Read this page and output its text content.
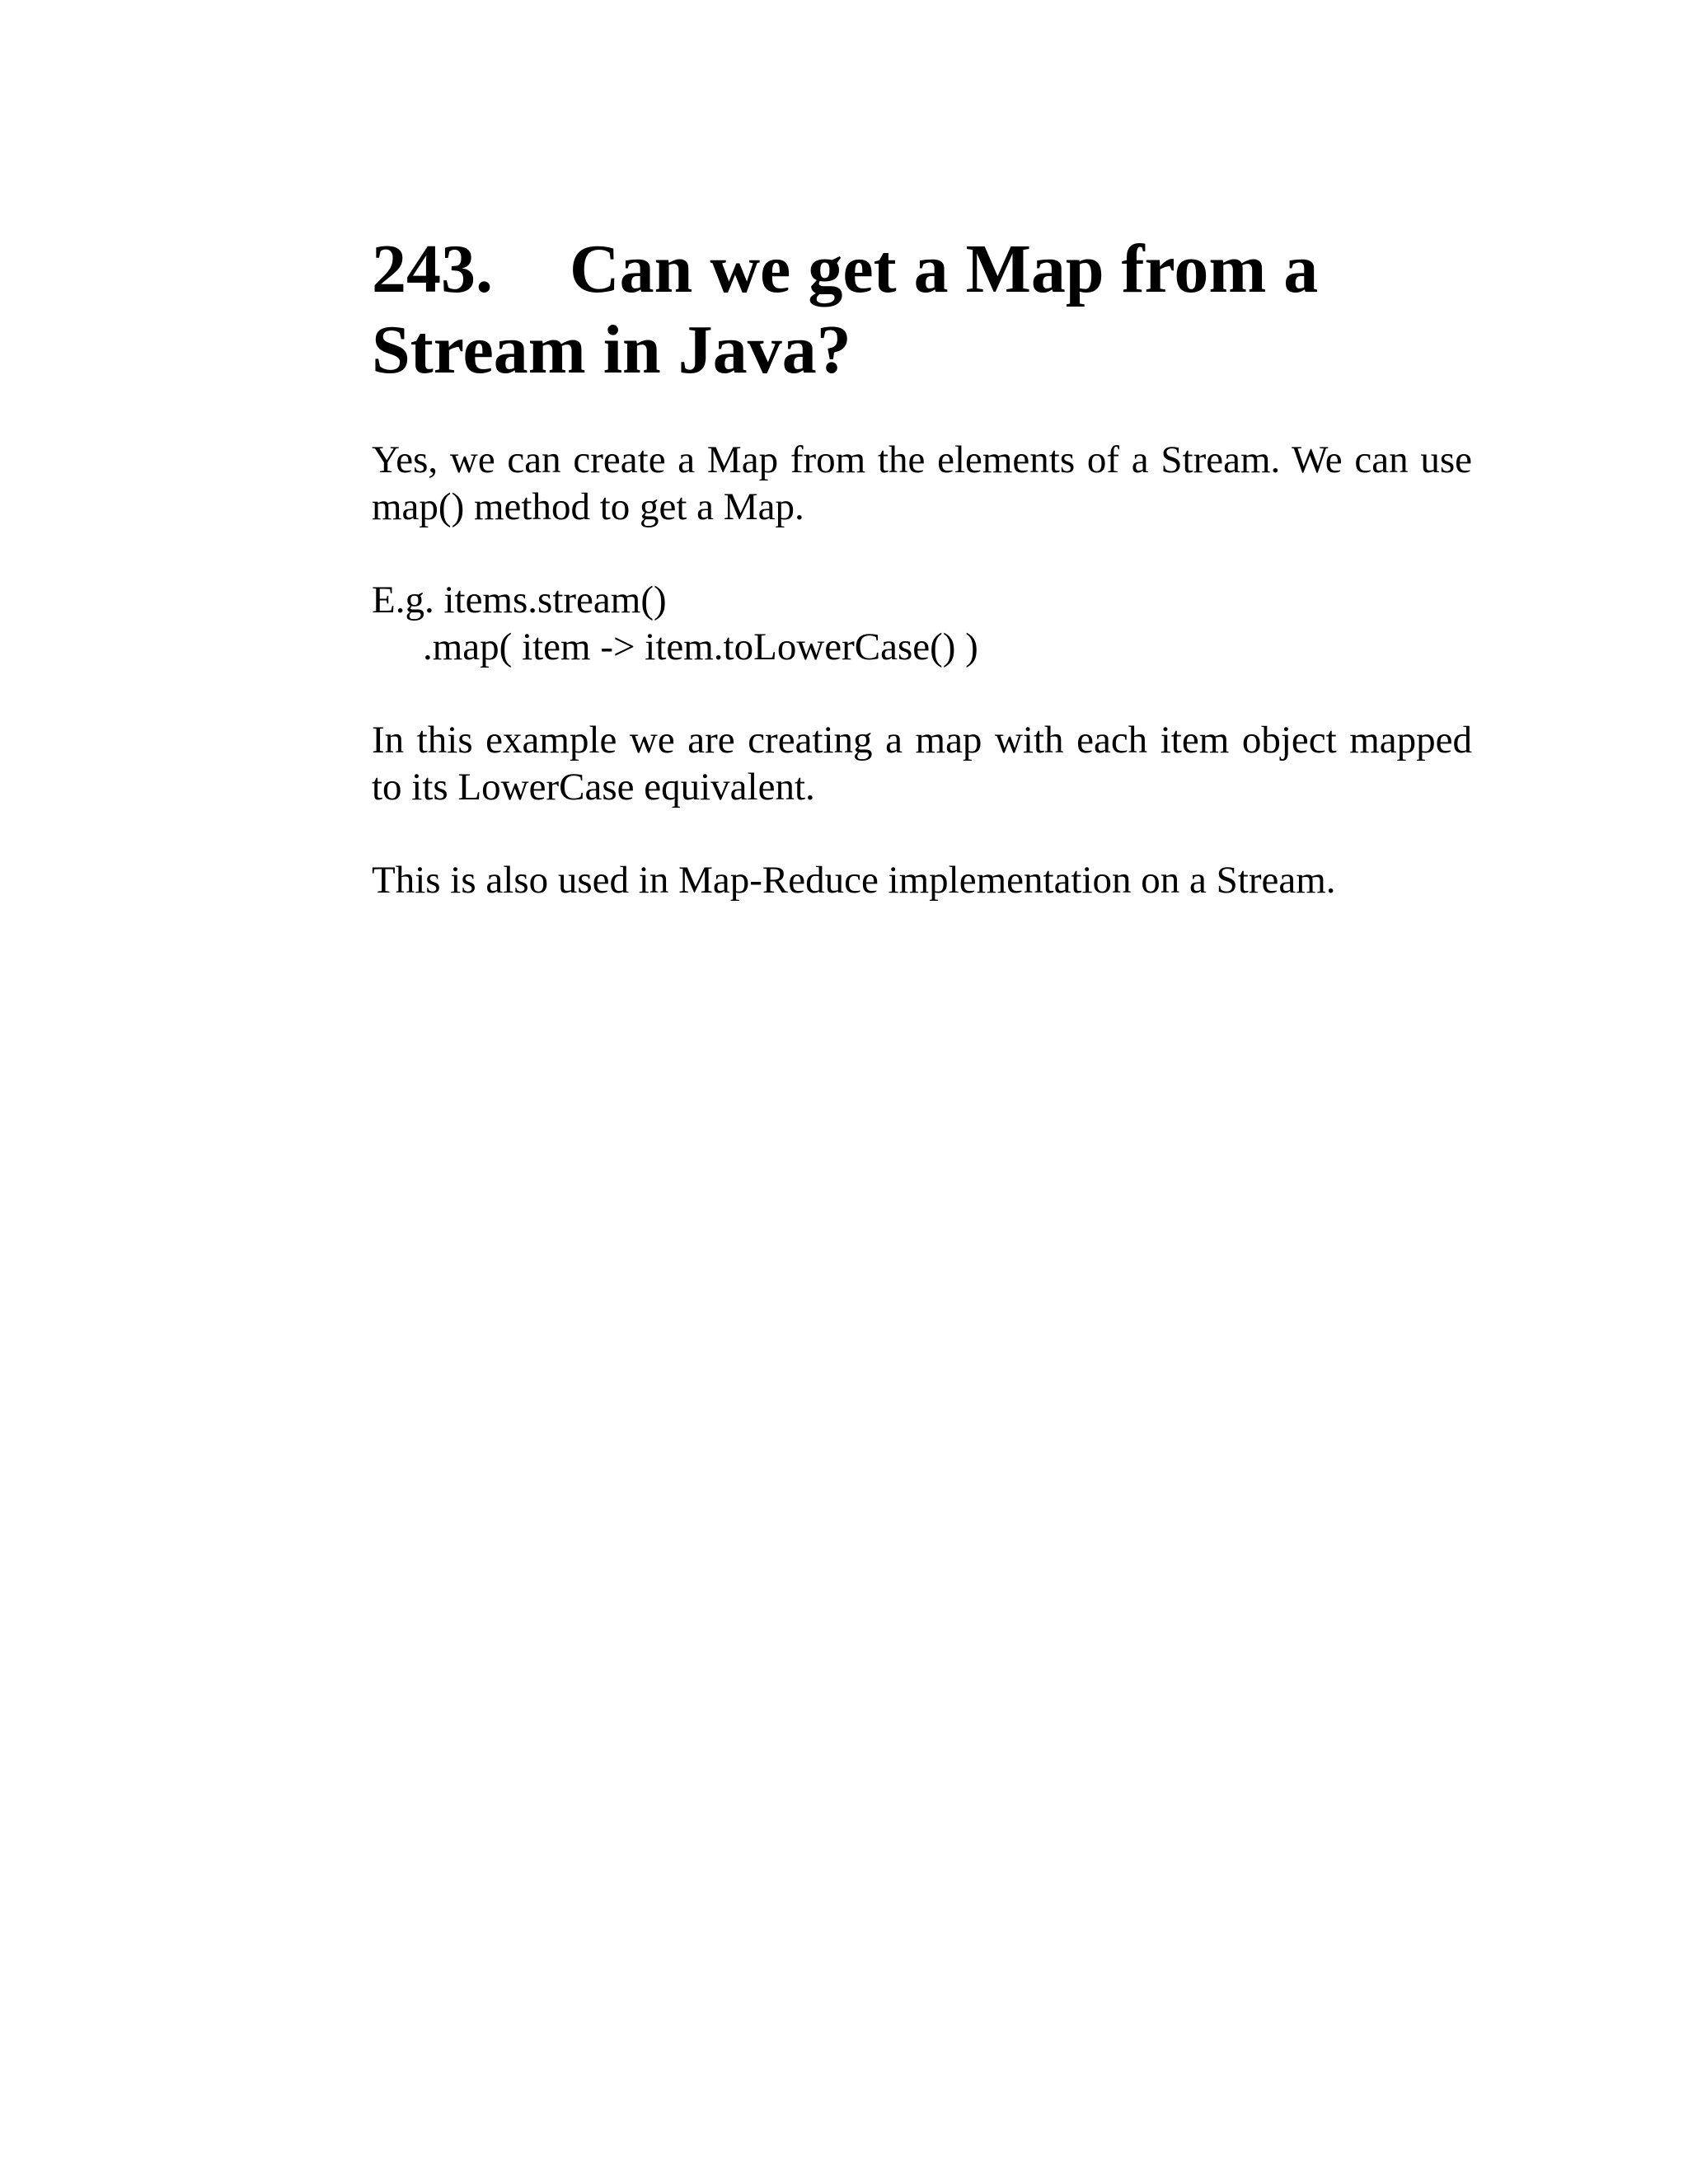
243. Can we get a Map from a
Stream in Java?

Yes, we can create a Map from the elements of a Stream. We can use map() method to get a Map.

E.g. items.stream()
.map( item -> item.toLowerCase() )

In this example we are creating a map with each item object mapped to its LowerCase equivalent.

This is also used in Map-Reduce implementation on a Stream.
